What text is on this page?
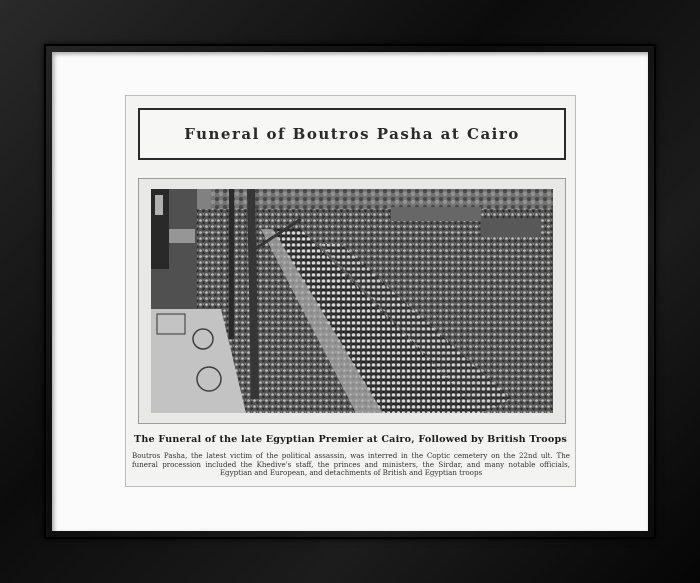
Funeral of Boutros Pasha at Cairo
The Funeral of the late Egyptian Premier at Cairo, Followed by British Troops
Boutros Pasha, the latest victim of the political assassin, was interred in the Coptic cemetery on the 22nd ult. The funeral procession included the Khedive's staff, the princes and ministers, the Sirdar, and many notable officials, Egyptian and European, and detachments of British and Egyptian troops
